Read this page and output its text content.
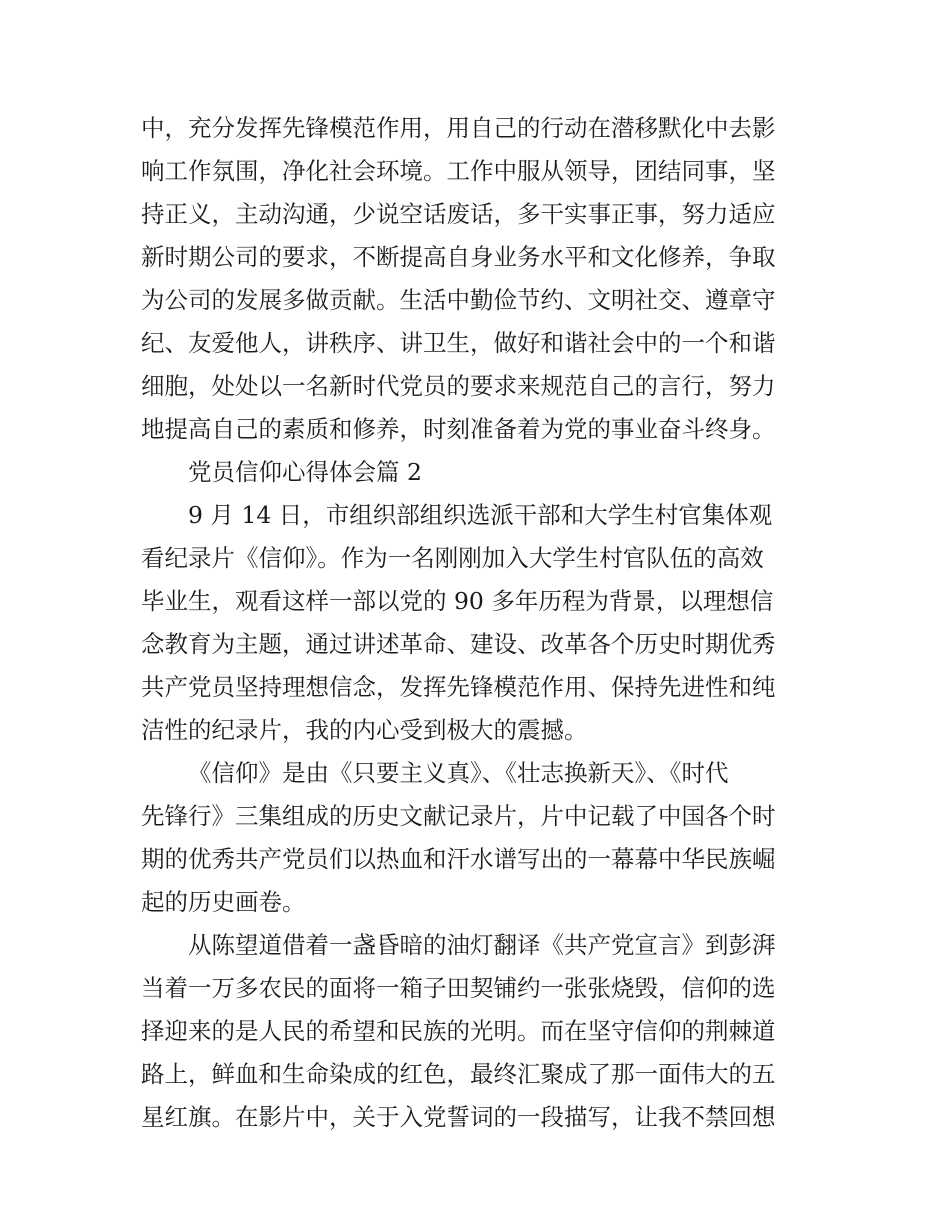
中，充分发挥先锋模范作用，用自己的行动在潜移默化中去影
响工作氛围，净化社会环境。工作中服从领导，团结同事，坚
持正义，主动沟通，少说空话废话，多干实事正事，努力适应
新时期公司的要求，不断提高自身业务水平和文化修养，争取
为公司的发展多做贡献。生活中勤俭节约、文明社交、遵章守
纪、友爱他人，讲秩序、讲卫生，做好和谐社会中的一个和谐
细胞，处处以一名新时代党员的要求来规范自己的言行，努力
地提高自己的素质和修养，时刻准备着为党的事业奋斗终身。
党员信仰心得体会篇 2
9 月 14 日，市组织部组织选派干部和大学生村官集体观
看纪录片《信仰》。作为一名刚刚加入大学生村官队伍的高效
毕业生，观看这样一部以党的 90 多年历程为背景，以理想信
念教育为主题，通过讲述革命、建设、改革各个历史时期优秀
共产党员坚持理想信念，发挥先锋模范作用、保持先进性和纯
洁性的纪录片，我的内心受到极大的震撼。
《信仰》是由《只要主义真》、《壮志换新天》、《时代
先锋行》三集组成的历史文献记录片，片中记载了中国各个时
期的优秀共产党员们以热血和汗水谱写出的一幕幕中华民族崛
起的历史画卷。
从陈望道借着一盏昏暗的油灯翻译《共产党宣言》到彭湃
当着一万多农民的面将一箱子田契铺约一张张烧毁，信仰的选
择迎来的是人民的希望和民族的光明。而在坚守信仰的荆棘道
路上，鲜血和生命染成的红色，最终汇聚成了那一面伟大的五
星红旗。在影片中，关于入党誓词的一段描写，让我不禁回想
